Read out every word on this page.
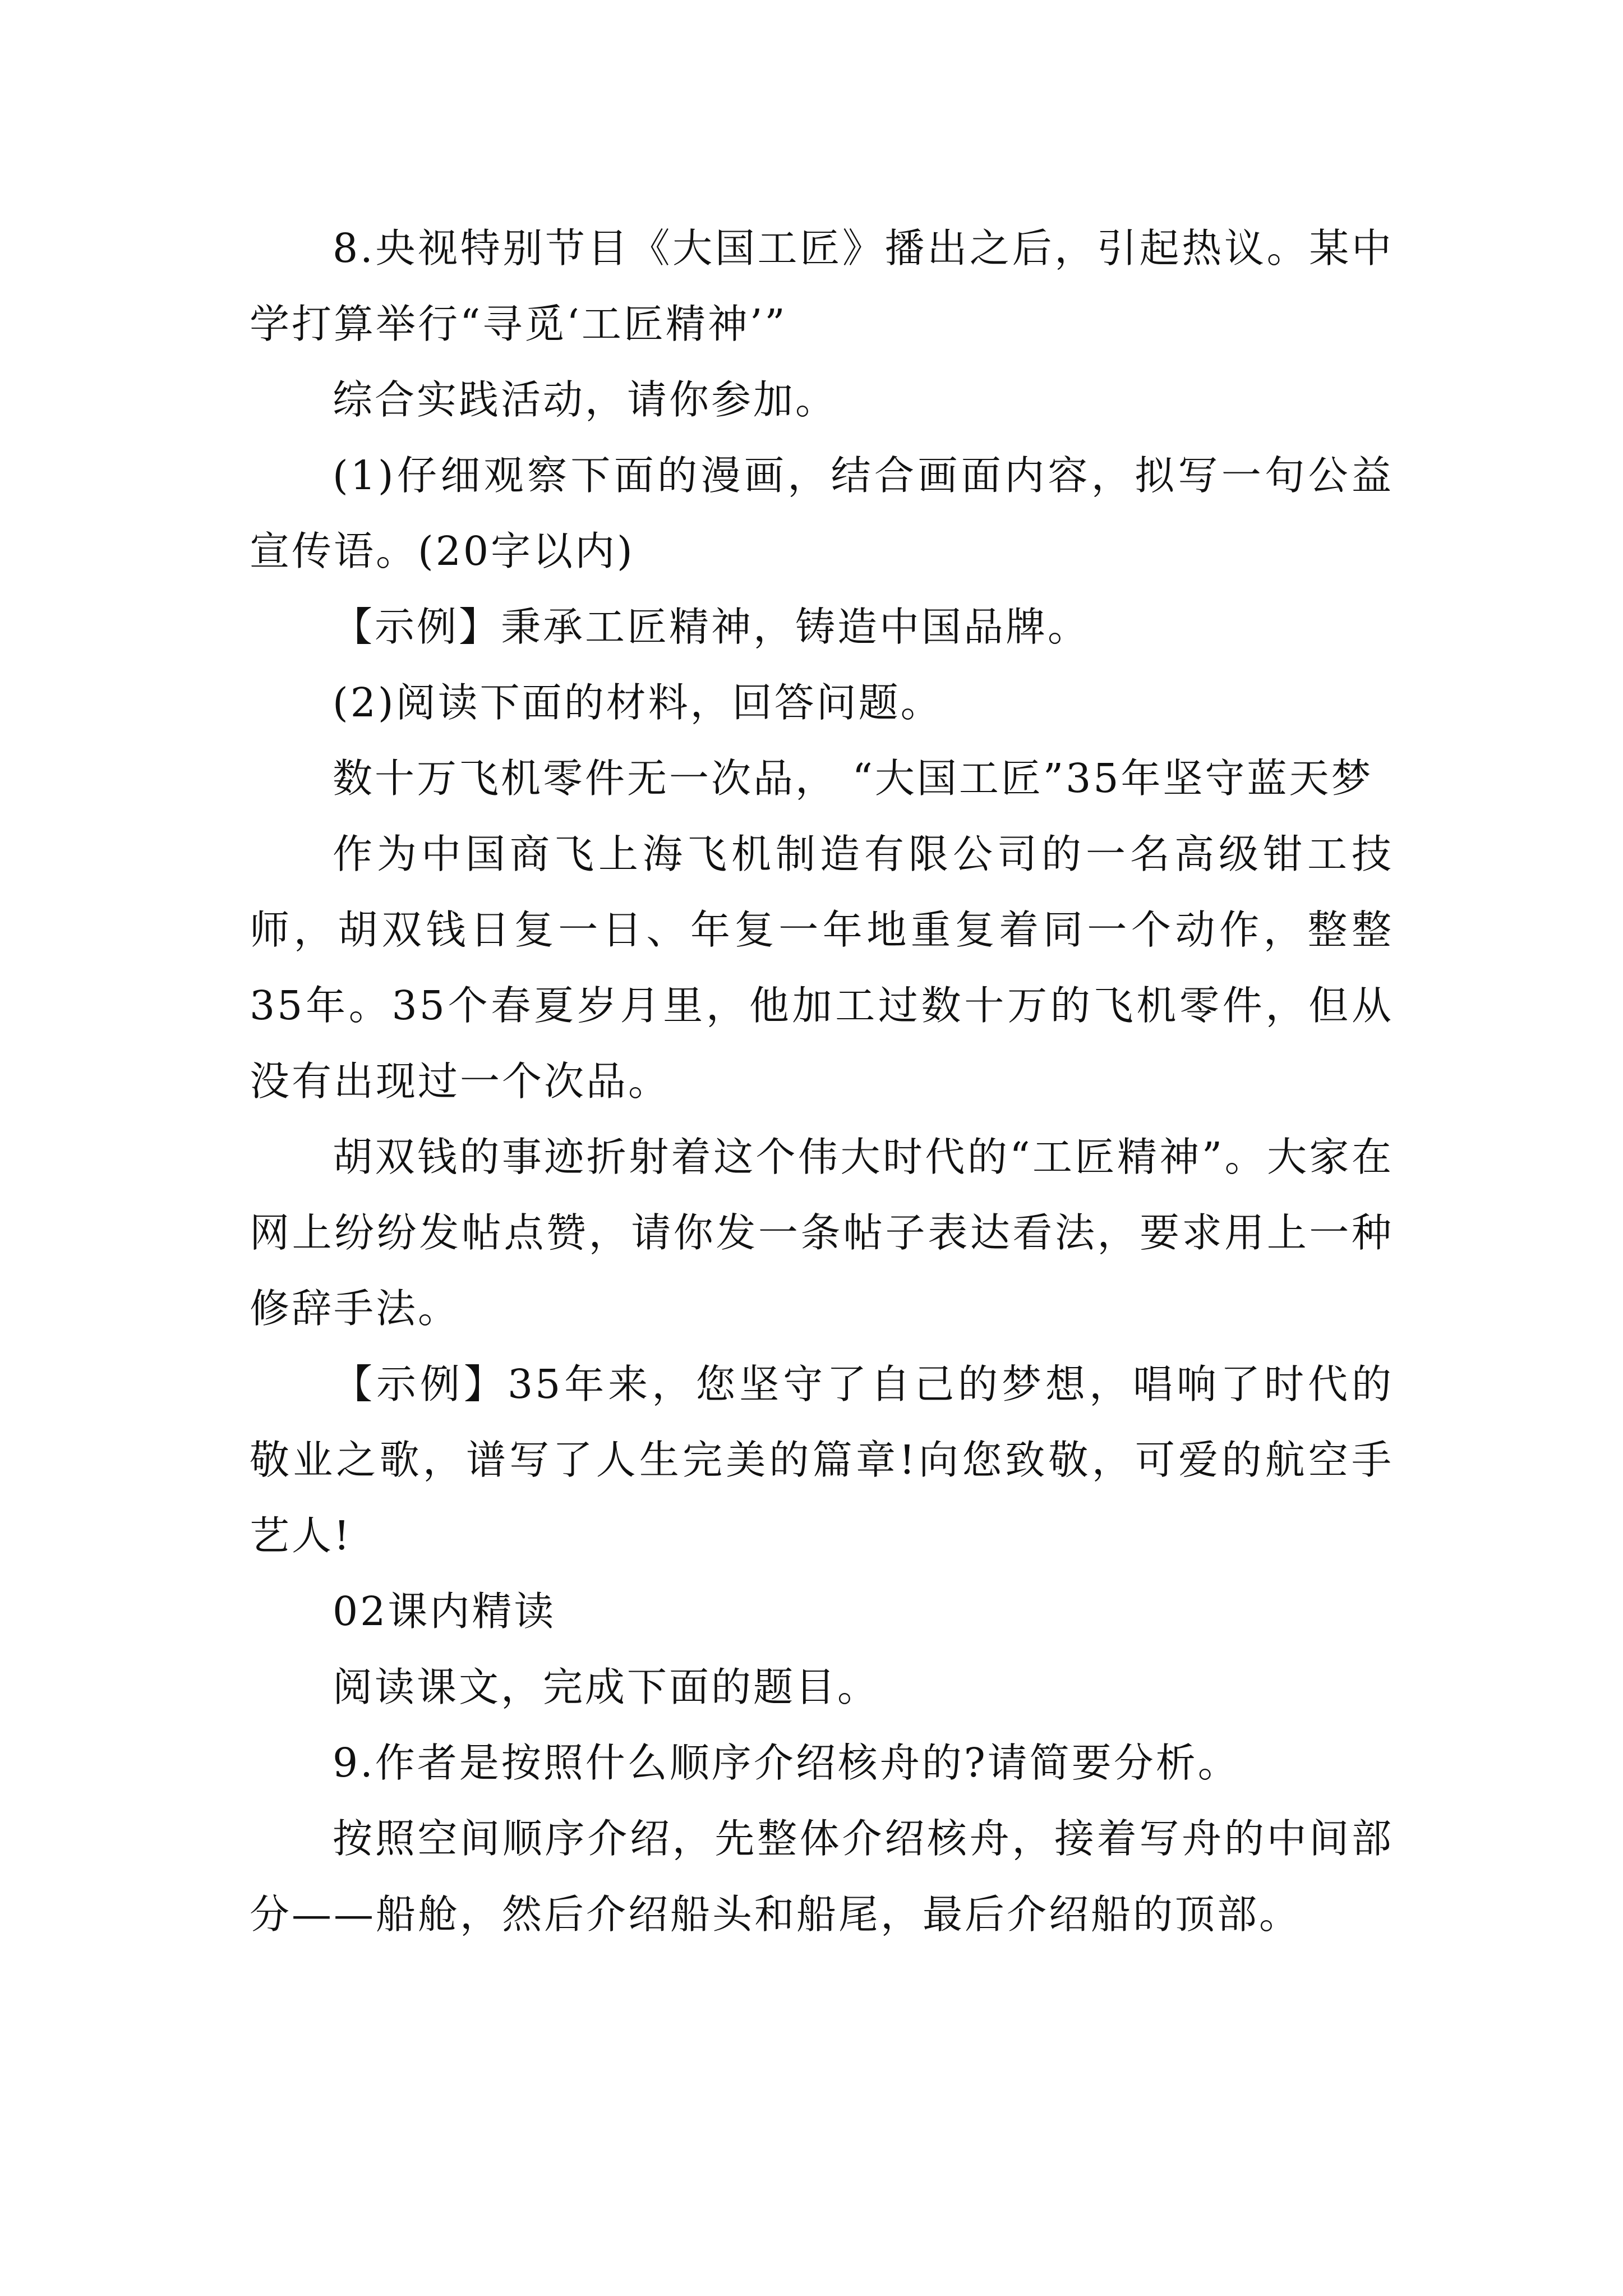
8.央视特别节目《大国工匠》播出之后，引起热议。某中学打算举行“寻觅‘工匠精神’”

综合实践活动，请你参加。

(1)仔细观察下面的漫画，结合画面内容，拟写一句公益宣传语。(20字以内)

【示例】秉承工匠精神，铸造中国品牌。

(2)阅读下面的材料，回答问题。

数十万飞机零件无一次品， “大国工匠”35年坚守蓝天梦

作为中国商飞上海飞机制造有限公司的一名高级钳工技师，胡双钱日复一日、年复一年地重复着同一个动作，整整35年。35个春夏岁月里，他加工过数十万的飞机零件，但从没有出现过一个次品。

胡双钱的事迹折射着这个伟大时代的“工匠精神”。大家在网上纷纷发帖点赞，请你发一条帖子表达看法，要求用上一种修辞手法。

【示例】35年来，您坚守了自己的梦想，唱响了时代的敬业之歌，谱写了人生完美的篇章!向您致敬，可爱的航空手艺人!

02课内精读

阅读课文，完成下面的题目。

9.作者是按照什么顺序介绍核舟的?请简要分析。

按照空间顺序介绍，先整体介绍核舟，接着写舟的中间部分——船舱，然后介绍船头和船尾，最后介绍船的顶部。
